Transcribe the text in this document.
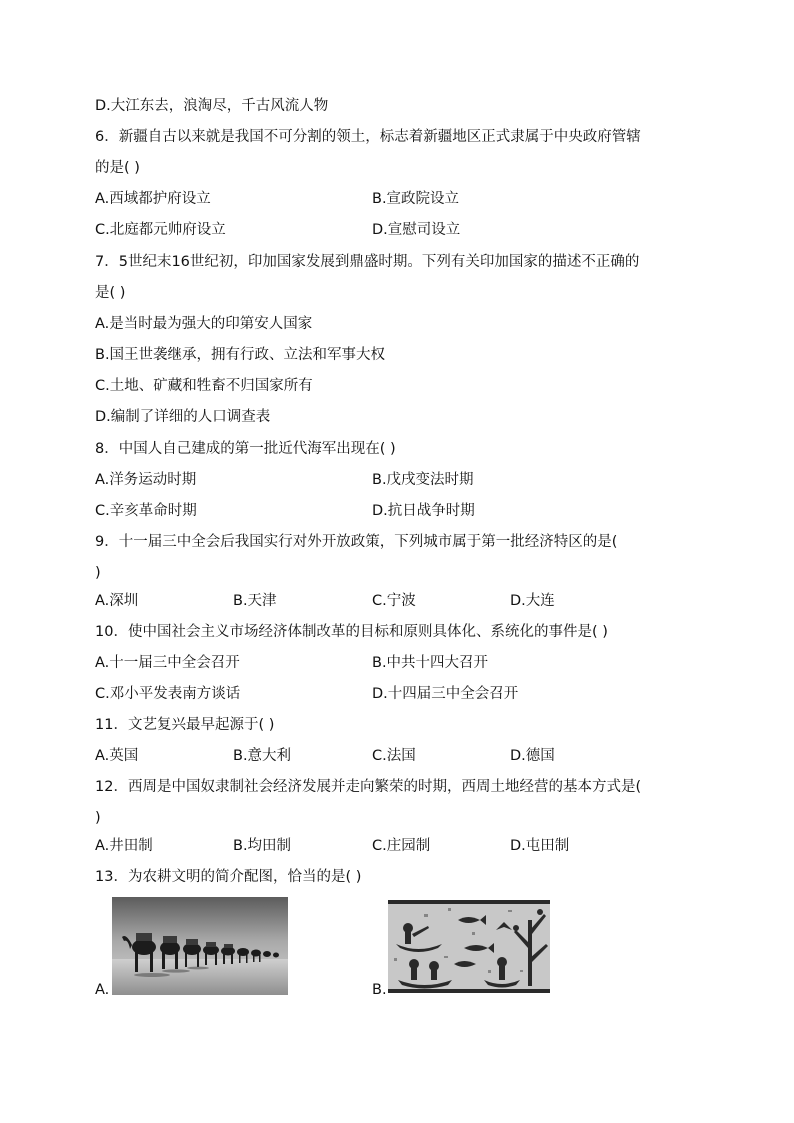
D.大江东去，浪淘尽，千古风流人物
6．新疆自古以来就是我国不可分割的领土，标志着新疆地区正式隶属于中央政府管辖
的是( )
A.西域都护府设立	B.宣政院设立
C.北庭都元帅府设立	D.宣慰司设立
7．5世纪末16世纪初，印加国家发展到鼎盛时期。下列有关印加国家的描述不正确的
是( )
A.是当时最为强大的印第安人国家
B.国王世袭继承，拥有行政、立法和军事大权
C.土地、矿藏和牲畜不归国家所有
D.编制了详细的人口调查表
8．中国人自己建成的第一批近代海军出现在( )
A.洋务运动时期	B.戊戌变法时期
C.辛亥革命时期	D.抗日战争时期
9．十一届三中全会后我国实行对外开放政策，下列城市属于第一批经济特区的是(
)
A.深圳	B.天津	C.宁波	D.大连
10．使中国社会主义市场经济体制改革的目标和原则具体化、系统化的事件是( )
A.十一届三中全会召开	B.中共十四大召开
C.邓小平发表南方谈话	D.十四届三中全会召开
11．文艺复兴最早起源于( )
A.英国	B.意大利	C.法国	D.德国
12．西周是中国奴隶制社会经济发展并走向繁荣的时期，西周土地经营的基本方式是(
)
A.井田制	B.均田制	C.庄园制	D.屯田制
13．为农耕文明的简介配图，恰当的是( )
A.	B.
